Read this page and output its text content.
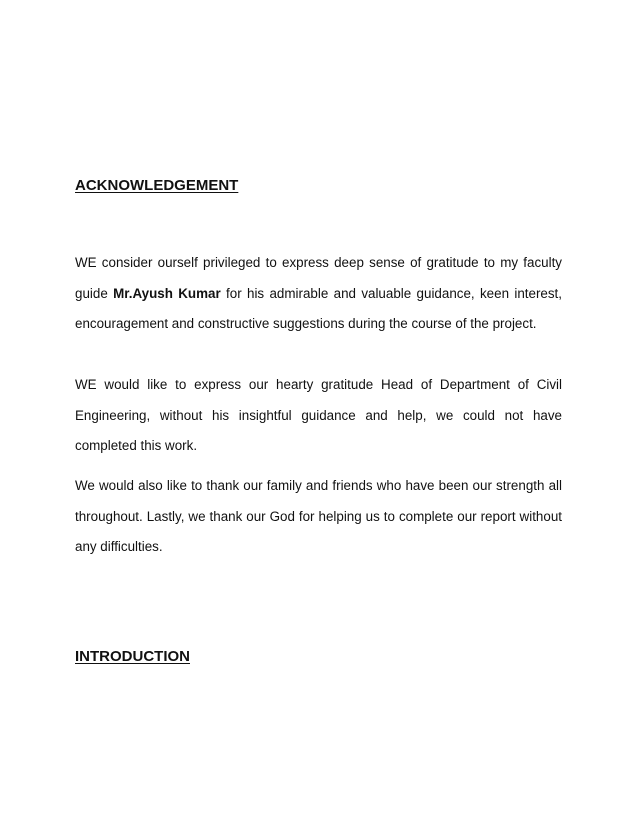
ACKNOWLEDGEMENT

WE consider ourself privileged to express deep sense of gratitude to my faculty guide Mr.Ayush Kumar for his admirable and valuable guidance, keen interest, encouragement and constructive suggestions during the course of the project.

WE would like to express our hearty gratitude Head of Department of Civil Engineering, without his insightful guidance and help, we could not have completed this work.

We would also like to thank our family and friends who have been our strength all throughout. Lastly, we thank our God for helping us to complete our report without any difficulties.

INTRODUCTION
